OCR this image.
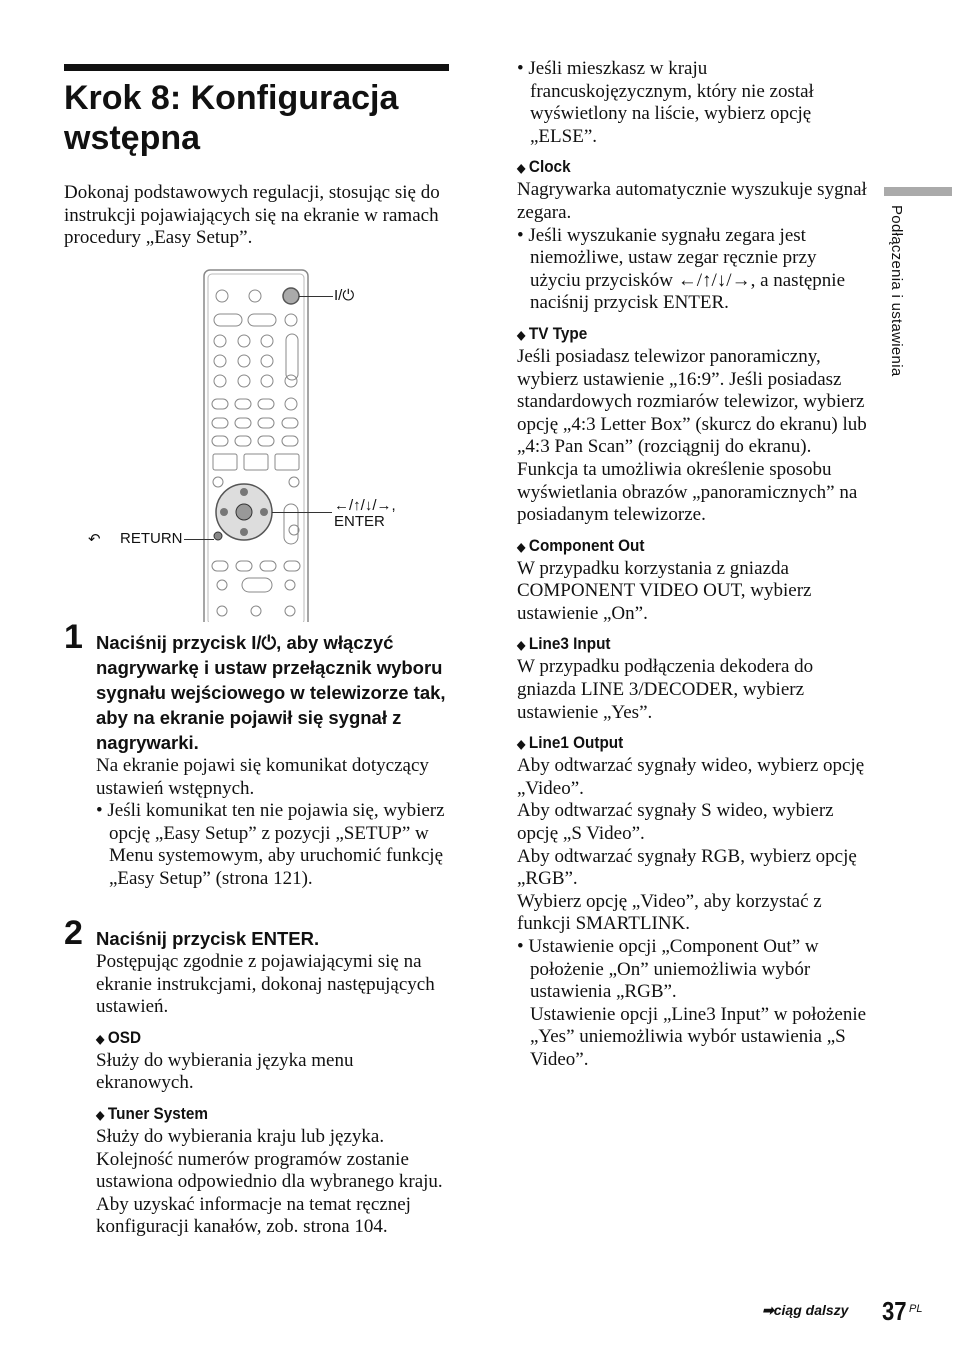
Krok 8: Konfiguracja wstępna

Dokonaj podstawowych regulacji, stosując się do instrukcji pojawiających się na ekranie w ramach procedury „Easy Setup”.

I/⏻
←/↑/↓/→,
ENTER
↶ RETURN
1 Naciśnij przycisk I/⏻, aby włączyć nagrywarkę i ustaw przełącznik wyboru sygnału wejściowego w telewizorze tak, aby na ekranie pojawił się sygnał z nagrywarki.

Na ekranie pojawi się komunikat dotyczący ustawień wstępnych.

• Jeśli komunikat ten nie pojawia się, wybierz opcję „Easy Setup” z pozycji „SETUP” w Menu systemowym, aby uruchomić funkcję „Easy Setup” (strona 121).

2 Naciśnij przycisk ENTER.

Postępując zgodnie z pojawiającymi się na ekranie instrukcjami, dokonaj następujących ustawień.

◆ OSD

Służy do wybierania języka menu ekranowych.

◆ Tuner System

Służy do wybierania kraju lub języka. Kolejność numerów programów zostanie ustawiona odpowiednio dla wybranego kraju.

Aby uzyskać informacje na temat ręcznej konfiguracji kanałów, zob. strona 104.

• Jeśli mieszkasz w kraju francuskojęzycznym, który nie został wyświetlony na liście, wybierz opcję „ELSE”.

◆ Clock

Nagrywarka automatycznie wyszukuje sygnał zegara.

• Jeśli wyszukanie sygnału zegara jest niemożliwe, ustaw zegar ręcznie przy użyciu przycisków ←/↑/↓/→, a następnie naciśnij przycisk ENTER.

◆ TV Type

Jeśli posiadasz telewizor panoramiczny, wybierz ustawienie „16:9”. Jeśli posiadasz standardowych rozmiarów telewizor, wybierz opcję „4:3 Letter Box” (skurcz do ekranu) lub „4:3 Pan Scan” (rozciągnij do ekranu). Funkcja ta umożliwia określenie sposobu wyświetlania obrazów „panoramicznych” na posiadanym telewizorze.

◆ Component Out

W przypadku korzystania z gniazda COMPONENT VIDEO OUT, wybierz ustawienie „On”.

◆ Line3 Input

W przypadku podłączenia dekodera do gniazda LINE 3/DECODER, wybierz ustawienie „Yes”.

◆ Line1 Output

Aby odtwarzać sygnały wideo, wybierz opcję „Video”.

Aby odtwarzać sygnały S wideo, wybierz opcję „S Video”.

Aby odtwarzać sygnały RGB, wybierz opcję „RGB”.

Wybierz opcję „Video”, aby korzystać z funkcji SMARTLINK.

• Ustawienie opcji „Component Out” w położenie „On” uniemożliwia wybór ustawienia „RGB”.

Ustawienie opcji „Line3 Input” w położenie „Yes” uniemożliwia wybór ustawienia „S Video”.

Podłączenia i ustawienia
➡ciąg dalszy 37 PL
